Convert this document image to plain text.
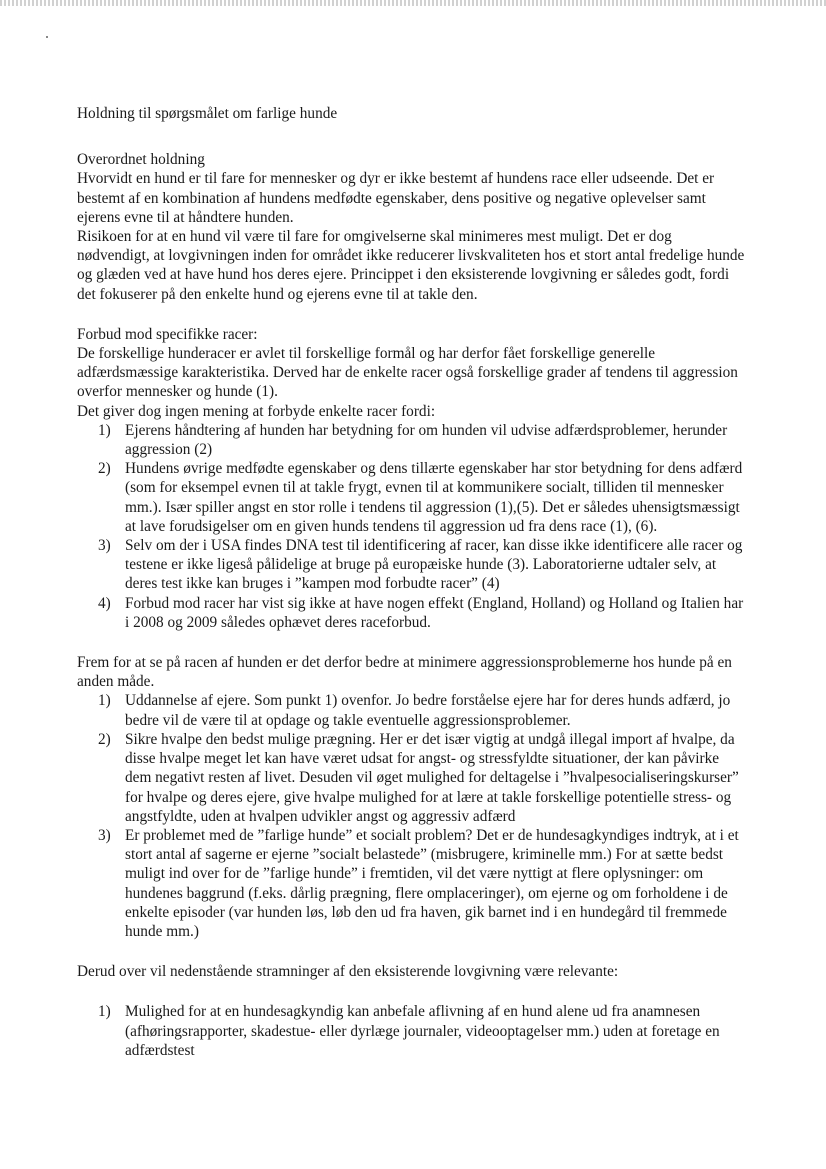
Holdning til spørgsmålet om farlige hunde

Overordnet holdning

Hvorvidt en hund er til fare for mennesker og dyr er ikke bestemt af hundens race eller udseende. Det er bestemt af en kombination af hundens medfødte egenskaber, dens positive og negative oplevelser samt ejerens evne til at håndtere hunden.

Risikoen for at en hund vil være til fare for omgivelserne skal minimeres mest muligt. Det er dog nødvendigt, at lovgivningen inden for området ikke reducerer livskvaliteten hos et stort antal fredelige hunde og glæden ved at have hund hos deres ejere. Princippet i den eksisterende lovgivning er således godt, fordi det fokuserer på den enkelte hund og ejerens evne til at takle den.

Forbud mod specifikke racer:

De forskellige hunderacer er avlet til forskellige formål og har derfor fået forskellige generelle adfærdsmæssige karakteristika. Derved har de enkelte racer også forskellige grader af tendens til aggression overfor mennesker og hunde (1).

Det giver dog ingen mening at forbyde enkelte racer fordi:

1) Ejerens håndtering af hunden har betydning for om hunden vil udvise adfærdsproblemer, herunder aggression (2)
2) Hundens øvrige medfødte egenskaber og dens tillærte egenskaber har stor betydning for dens adfærd (som for eksempel evnen til at takle frygt, evnen til at kommunikere socialt, tilliden til mennesker mm.). Især spiller angst en stor rolle i tendens til aggression (1),(5). Det er således uhensigtsmæssigt at lave forudsigelser om en given hunds tendens til aggression ud fra dens race (1), (6).
3) Selv om der i USA findes DNA test til identificering af racer, kan disse ikke identificere alle racer og testene er ikke ligeså pålidelige at bruge på europæiske hunde (3). Laboratorierne udtaler selv, at deres test ikke kan bruges i ”kampen mod forbudte racer” (4)
4) Forbud mod racer har vist sig ikke at have nogen effekt (England, Holland) og Holland og Italien har i 2008 og 2009 således ophævet deres raceforbud.

Frem for at se på racen af hunden er det derfor bedre at minimere aggressionsproblemerne hos hunde på en anden måde.

1) Uddannelse af ejere. Som punkt 1) ovenfor. Jo bedre forståelse ejere har for deres hunds adfærd, jo bedre vil de være til at opdage og takle eventuelle aggressionsproblemer.
2) Sikre hvalpe den bedst mulige prægning. Her er det især vigtig at undgå illegal import af hvalpe, da disse hvalpe meget let kan have været udsat for angst- og stressfyldte situationer, der kan påvirke dem negativt resten af livet. Desuden vil øget mulighed for deltagelse i ”hvalpesocialiseringskurser” for hvalpe og deres ejere, give hvalpe mulighed for at lære at takle forskellige potentielle stress- og angstfyldte, uden at hvalpen udvikler angst og aggressiv adfærd
3) Er problemet med de ”farlige hunde” et socialt problem? Det er de hundesagkyndiges indtryk, at i et stort antal af sagerne er ejerne ”socialt belastede” (misbrugere, kriminelle mm.) For at sætte bedst muligt ind over for de ”farlige hunde” i fremtiden, vil det være nyttigt at flere oplysninger: om hundenes baggrund (f.eks. dårlig prægning, flere omplaceringer), om ejerne og om forholdene i de enkelte episoder (var hunden løs, løb den ud fra haven, gik barnet ind i en hundegård til fremmede hunde mm.)

Derud over vil nedenstående stramninger af den eksisterende lovgivning være relevante:

1) Mulighed for at en hundesagkyndig kan anbefale aflivning af en hund alene ud fra anamnesen (afhøringsrapporter, skadestue- eller dyrlæge journaler, videooptagelser mm.) uden at foretage en adfærdstest
